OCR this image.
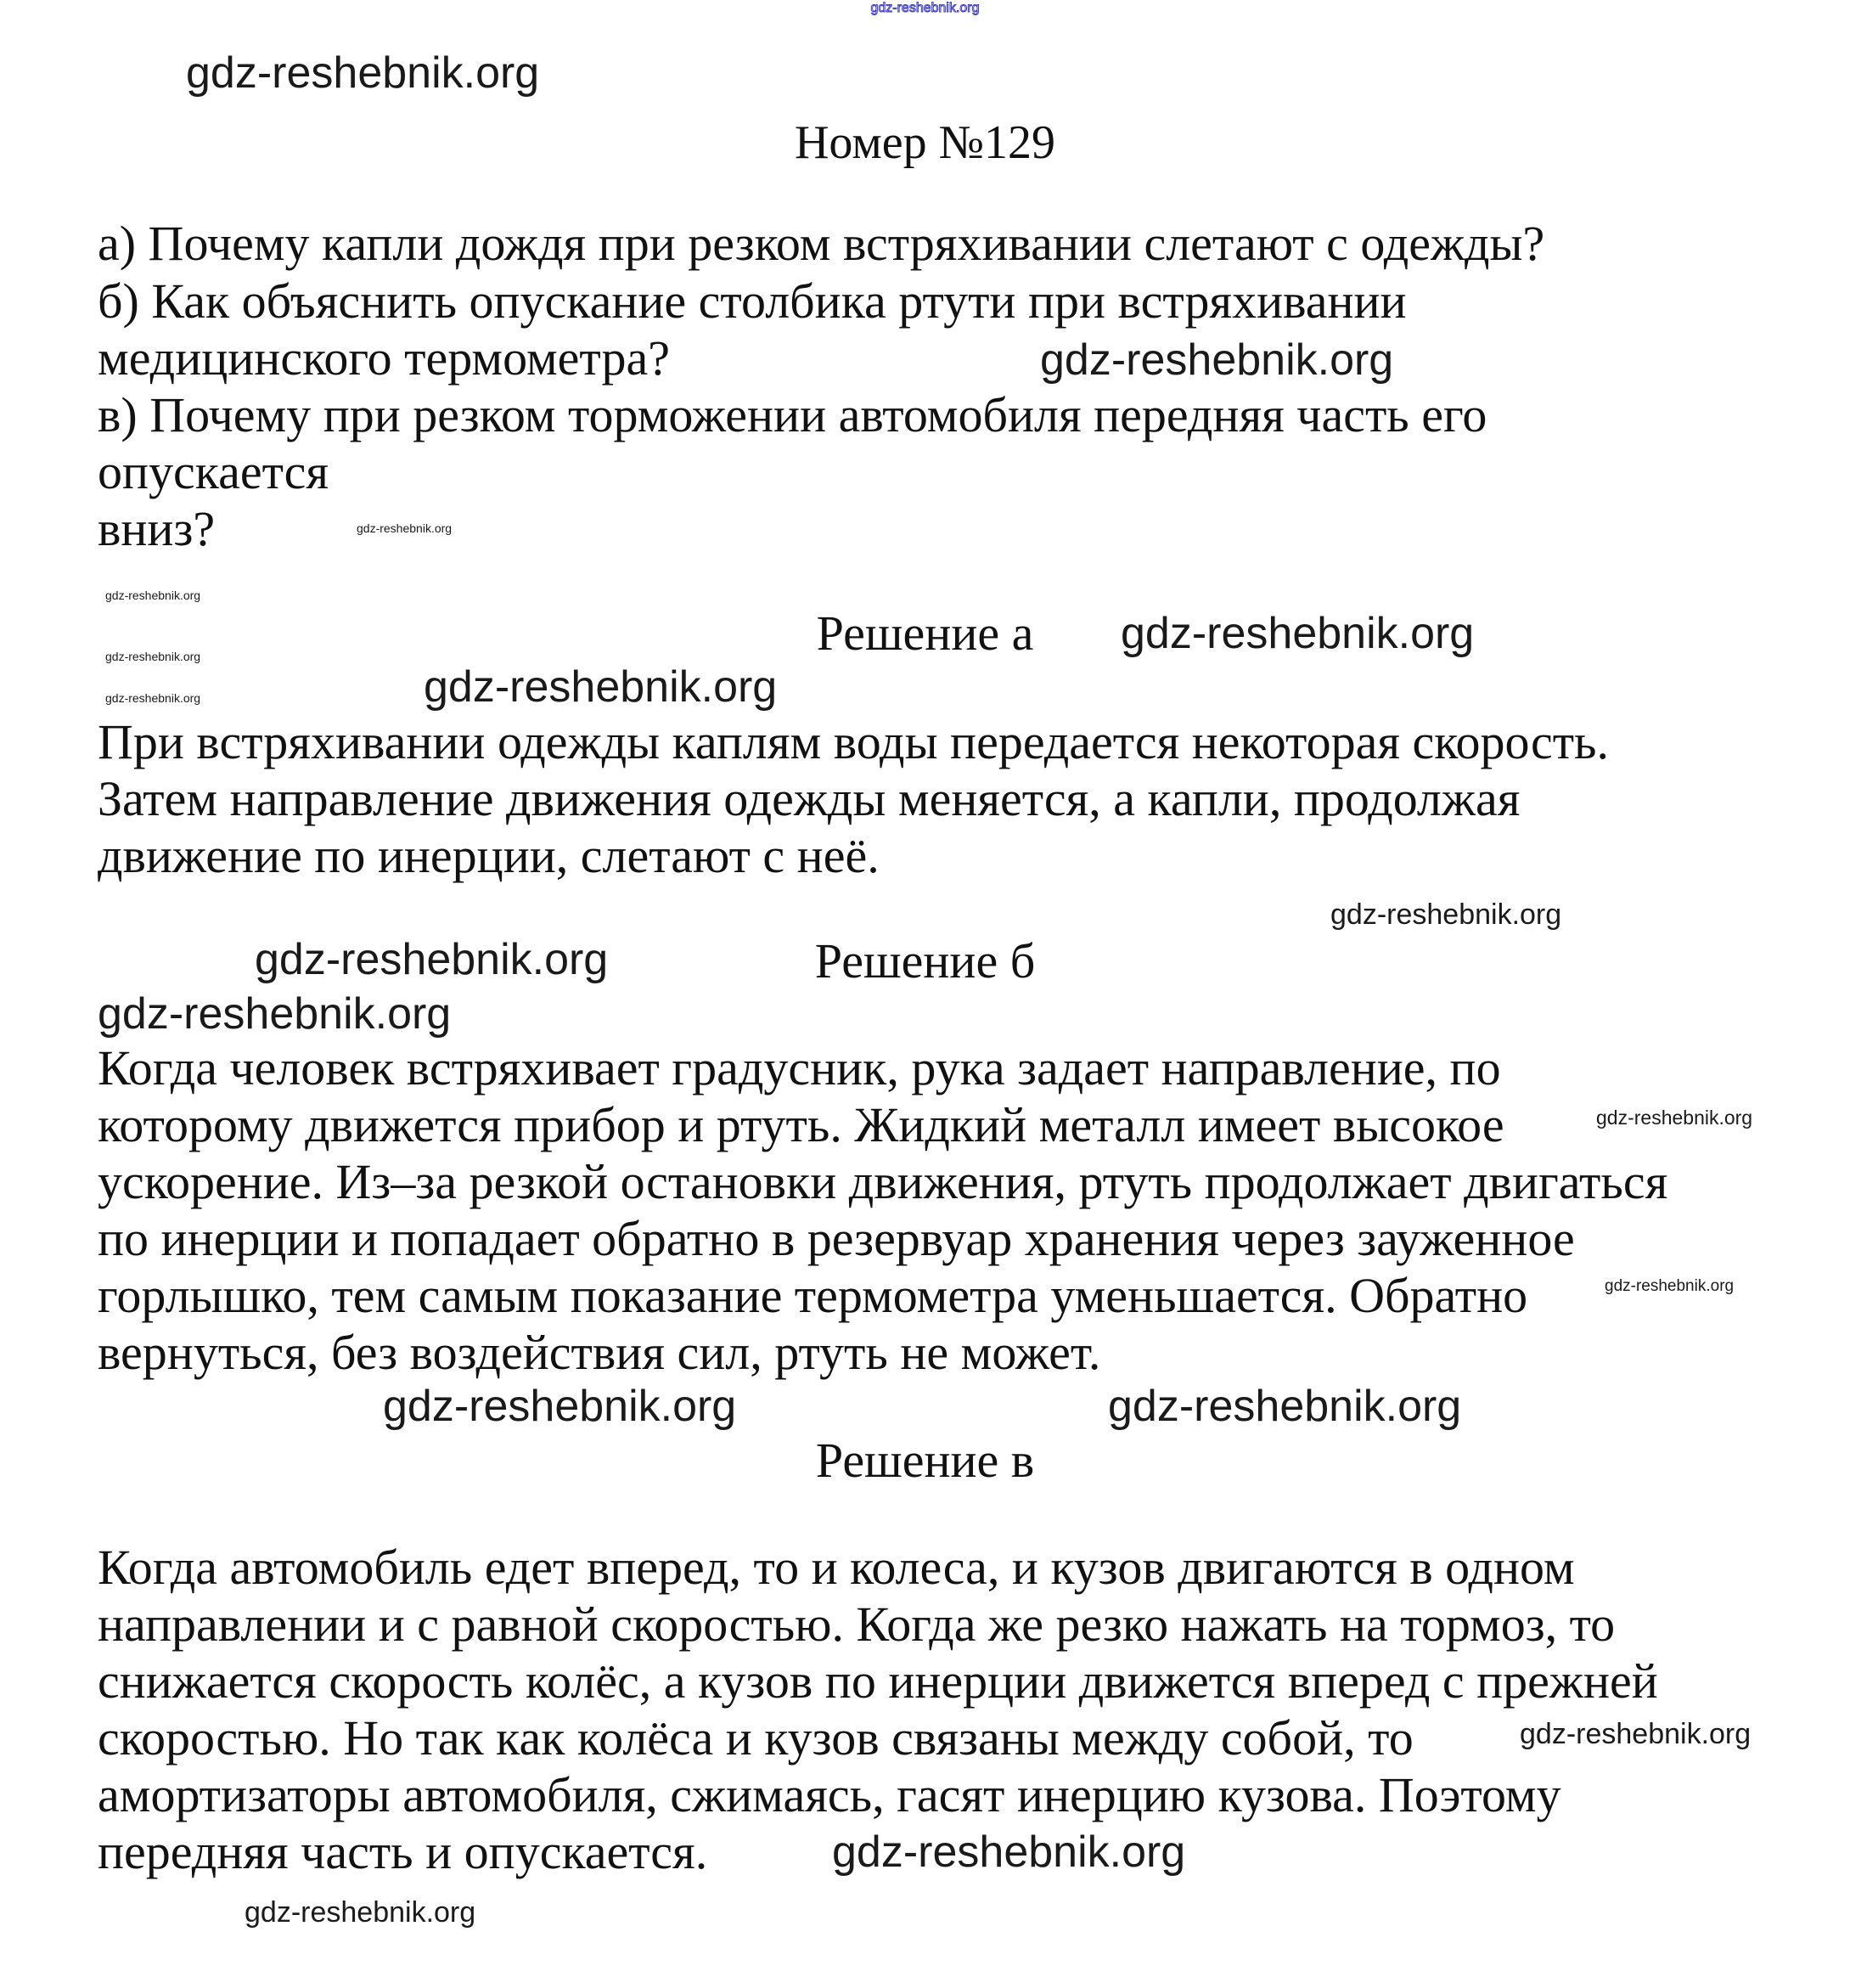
gdz-reshebnik.org
Номер №129
а) Почему капли дождя при резком встряхивании слетают с одежды?
б) Как объяснить опускание столбика ртути при встряхивании
медицинского термометра?
в) Почему при резком торможении автомобиля передняя часть его
опускается
вниз?
Решение а
При встряхивании одежды каплям воды передается некоторая скорость.
Затем направление движения одежды меняется, а капли, продолжая
движение по инерции, слетают с неё.
Решение б
Когда человек встряхивает градусник, рука задает направление, по
которому движется прибор и ртуть. Жидкий металл имеет высокое
ускорение. Из–за резкой остановки движения, ртуть продолжает двигаться
по инерции и попадает обратно в резервуар хранения через зауженное
горлышко, тем самым показание термометра уменьшается. Обратно
вернуться, без воздействия сил, ртуть не может.
Решение в
Когда автомобиль едет вперед, то и колеса, и кузов двигаются в одном
направлении и с равной скоростью. Когда же резко нажать на тормоз, то
снижается скорость колёс, а кузов по инерции движется вперед с прежней
скоростью. Но так как колёса и кузов связаны между собой, то
амортизаторы автомобиля, сжимаясь, гасят инерцию кузова. Поэтому
передняя часть и опускается.
gdz-reshebnik.org
gdz-reshebnik.org
gdz-reshebnik.org
gdz-reshebnik.org
gdz-reshebnik.org
gdz-reshebnik.org
gdz-reshebnik.org
gdz-reshebnik.org
gdz-reshebnik.org
gdz-reshebnik.org
gdz-reshebnik.org
gdz-reshebnik.org
gdz-reshebnik.org
gdz-reshebnik.org	gdz-reshebnik.org
gdz-reshebnik.org
gdz-reshebnik.org
gdz-reshebnik.org
